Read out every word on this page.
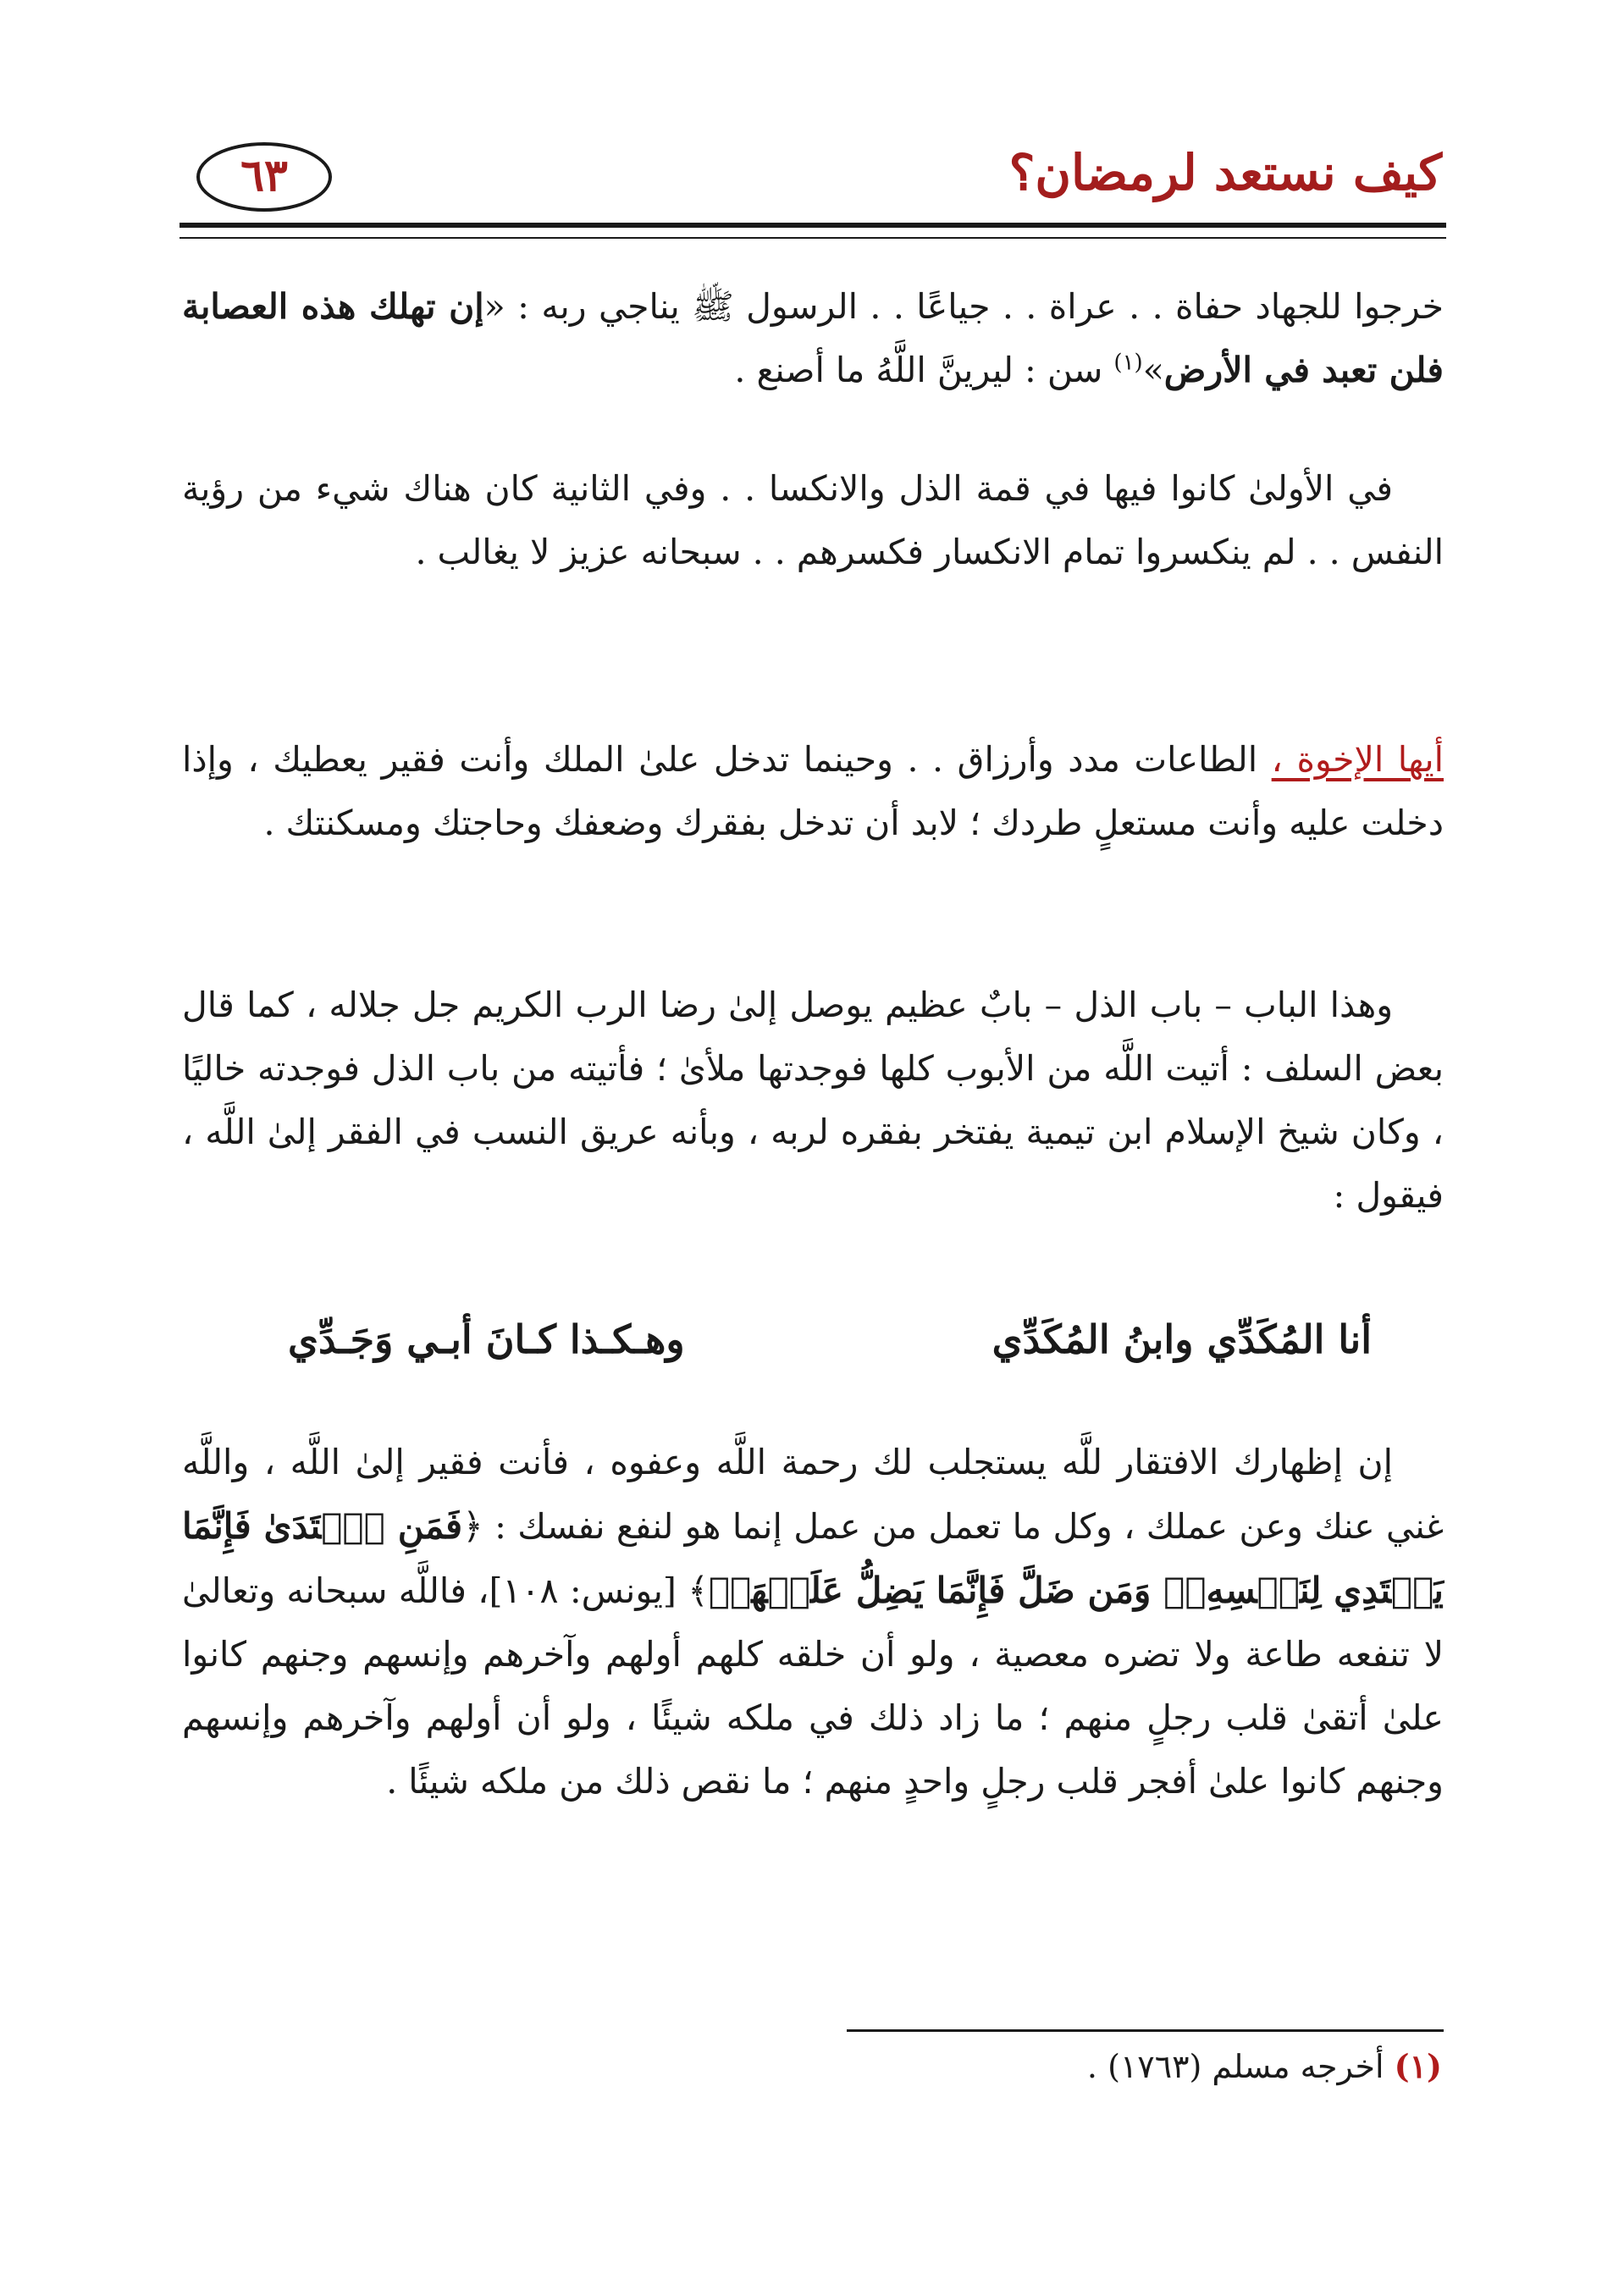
كيف نستعد لرمضان؟
٦٣

خرجوا للجهاد حفاة . . عراة . . جياعًا . . الرسول ﷺ يناجي ربه : «إن تهلك هذه العصابة فلن تعبد في الأرض»$^{(١)}$ سن : ليرينَّ اللَّهُ ما أصنع .

في الأولىٰ كانوا فيها في قمة الذل والانكسا . . وفي الثانية كان هناك شيء من رؤية النفس . . لم ينكسروا تمام الانكسار فكسرهم . . سبحانه عزيز لا يغالب .

أيها الإخوة ، الطاعات مدد وأرزاق . . وحينما تدخل علىٰ الملك وأنت فقير يعطيك ، وإذا دخلت عليه وأنت مستعلٍ طردك ؛ لابد أن تدخل بفقرك وضعفك وحاجتك ومسكنتك .

وهذا الباب – باب الذل – بابٌ عظيم يوصل إلىٰ رضا الرب الكريم جل جلاله ، كما قال بعض السلف : أتيت اللَّه من الأبوب كلها فوجدتها ملأىٰ ؛ فأتيته من باب الذل فوجدته خاليًا ، وكان شيخ الإسلام ابن تيمية يفتخر بفقره لربه ، وبأنه عريق النسب في الفقر إلىٰ اللَّه ، فيقول :

أنا المُكَدِّي وابنُ المُكَدِّي
وهـكـذا كـانَ أبـي وَجَـدِّي

إن إظهارك الافتقار للَّه يستجلب لك رحمة اللَّه وعفوه ، فأنت فقير إلىٰ اللَّه ، واللَّه غني عنك وعن عملك ، وكل ما تعمل من عمل إنما هو لنفع نفسك : ﴿فَمَنِ ٱهۡتَدَىٰ فَإِنَّمَا يَهۡتَدِي لِنَفۡسِهِۦۖ وَمَن ضَلَّ فَإِنَّمَا يَضِلُّ عَلَيۡهَاۖ﴾ [يونس: ١٠٨]، فاللَّه سبحانه وتعالىٰ لا تنفعه طاعة ولا تضره معصية ، ولو أن خلقه كلهم أولهم وآخرهم وإنسهم وجنهم كانوا علىٰ أتقىٰ قلب رجلٍ منهم ؛ ما زاد ذلك في ملكه شيئًا ، ولو أن أولهم وآخرهم وإنسهم وجنهم كانوا علىٰ أفجر قلب رجلٍ واحدٍ منهم ؛ ما نقص ذلك من ملكه شيئًا .

(١) أخرجه مسلم (١٧٦٣) .
